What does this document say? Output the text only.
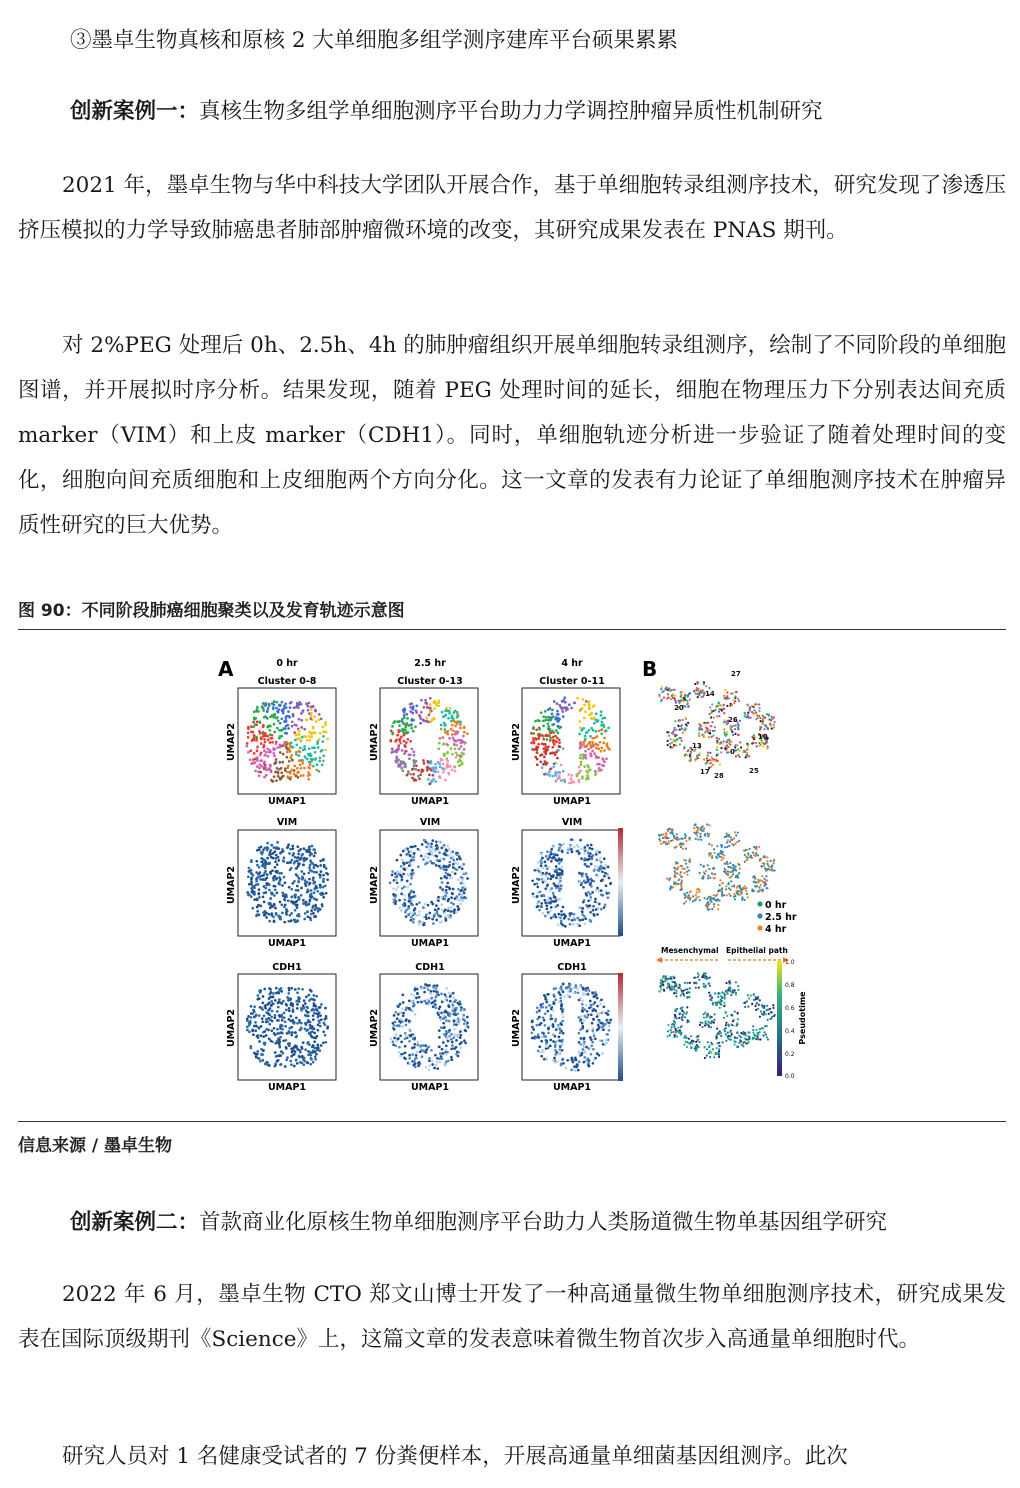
③墨卓生物真核和原核 2 大单细胞多组学测序建库平台硕果累累

创新案例一：真核生物多组学单细胞测序平台助力力学调控肿瘤异质性机制研究

2021 年，墨卓生物与华中科技大学团队开展合作，基于单细胞转录组测序技术，研究发现了渗透压挤压模拟的力学导致肺癌患者肺部肿瘤微环境的改变，其研究成果发表在 PNAS 期刊。

对 2%PEG 处理后 0h、2.5h、4h 的肺肿瘤组织开展单细胞转录组测序，绘制了不同阶段的单细胞图谱，并开展拟时序分析。结果发现，随着 PEG 处理时间的延长，细胞在物理压力下分别表达间充质 marker（VIM）和上皮 marker（CDH1）。同时，单细胞轨迹分析进一步验证了随着处理时间的变化，细胞向间充质细胞和上皮细胞两个方向分化。这一文章的发表有力论证了单细胞测序技术在肿瘤异质性研究的巨大优势。

图 90：不同阶段肺癌细胞聚类以及发育轨迹示意图
A	B
0 hr
Cluster 0-8
2.5 hr
Cluster 0-13
4 hr
Cluster 0-11
VIM	VIM	VIM
CDH1	CDH1	CDH1
UMAP1	UMAP1	UMAP1
UMAP1	UMAP1	UMAP1
UMAP1	UMAP1	UMAP1
UMAP2	UMAP2	UMAP2
UMAP2	UMAP2	UMAP2
UMAP2	UMAP2	UMAP2
27
14
20
26
13
10
17 28
25
0
0 hr
2.5 hr
4 hr
Mesenchymal Epithelial path
1.0
0.8
0.6
0.4
0.2
0.0
Pseudotime
信息来源 / 墨卓生物

创新案例二：首款商业化原核生物单细胞测序平台助力人类肠道微生物单基因组学研究

2022 年 6 月，墨卓生物 CTO 郑文山博士开发了一种高通量微生物单细胞测序技术，研究成果发表在国际顶级期刊《Science》上，这篇文章的发表意味着微生物首次步入高通量单细胞时代。

研究人员对 1 名健康受试者的 7 份粪便样本，开展高通量单细菌基因组测序。此次
